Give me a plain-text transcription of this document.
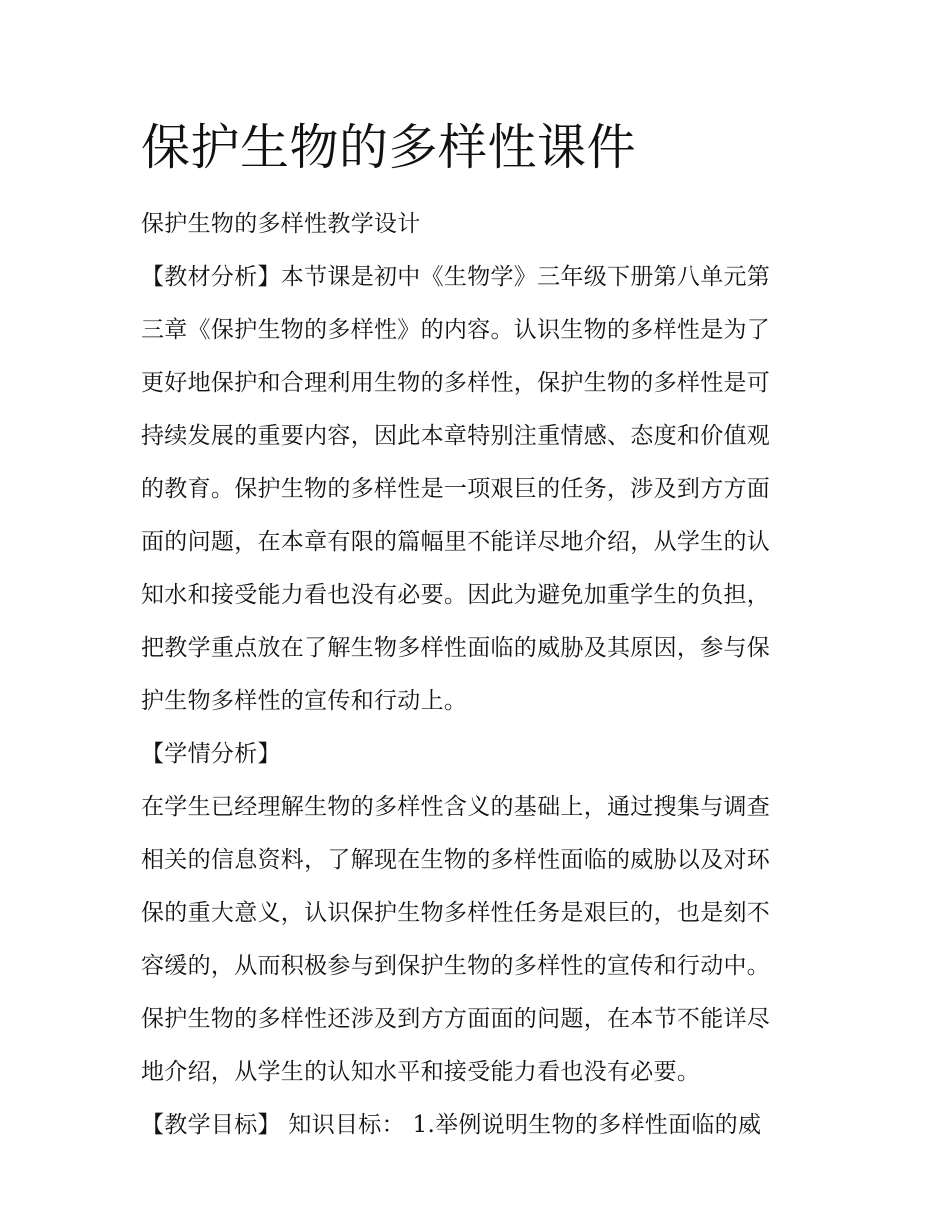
保护生物的多样性课件
保护生物的多样性教学设计
【教材分析】本节课是初中《生物学》三年级下册第八单元第
三章《保护生物的多样性》的内容。认识生物的多样性是为了
更好地保护和合理利用生物的多样性，保护生物的多样性是可
持续发展的重要内容，因此本章特别注重情感、态度和价值观
的教育。保护生物的多样性是一项艰巨的任务，涉及到方方面
面的问题，在本章有限的篇幅里不能详尽地介绍，从学生的认
知水和接受能力看也没有必要。因此为避免加重学生的负担，
把教学重点放在了解生物多样性面临的威胁及其原因，参与保
护生物多样性的宣传和行动上。
【学情分析】
在学生已经理解生物的多样性含义的基础上，通过搜集与调查
相关的信息资料，了解现在生物的多样性面临的威胁以及对环
保的重大意义，认识保护生物多样性任务是艰巨的，也是刻不
容缓的，从而积极参与到保护生物的多样性的宣传和行动中。
保护生物的多样性还涉及到方方面面的问题，在本节不能详尽
地介绍，从学生的认知水平和接受能力看也没有必要。
【教学目标】 知识目标： 1.举例说明生物的多样性面临的威
